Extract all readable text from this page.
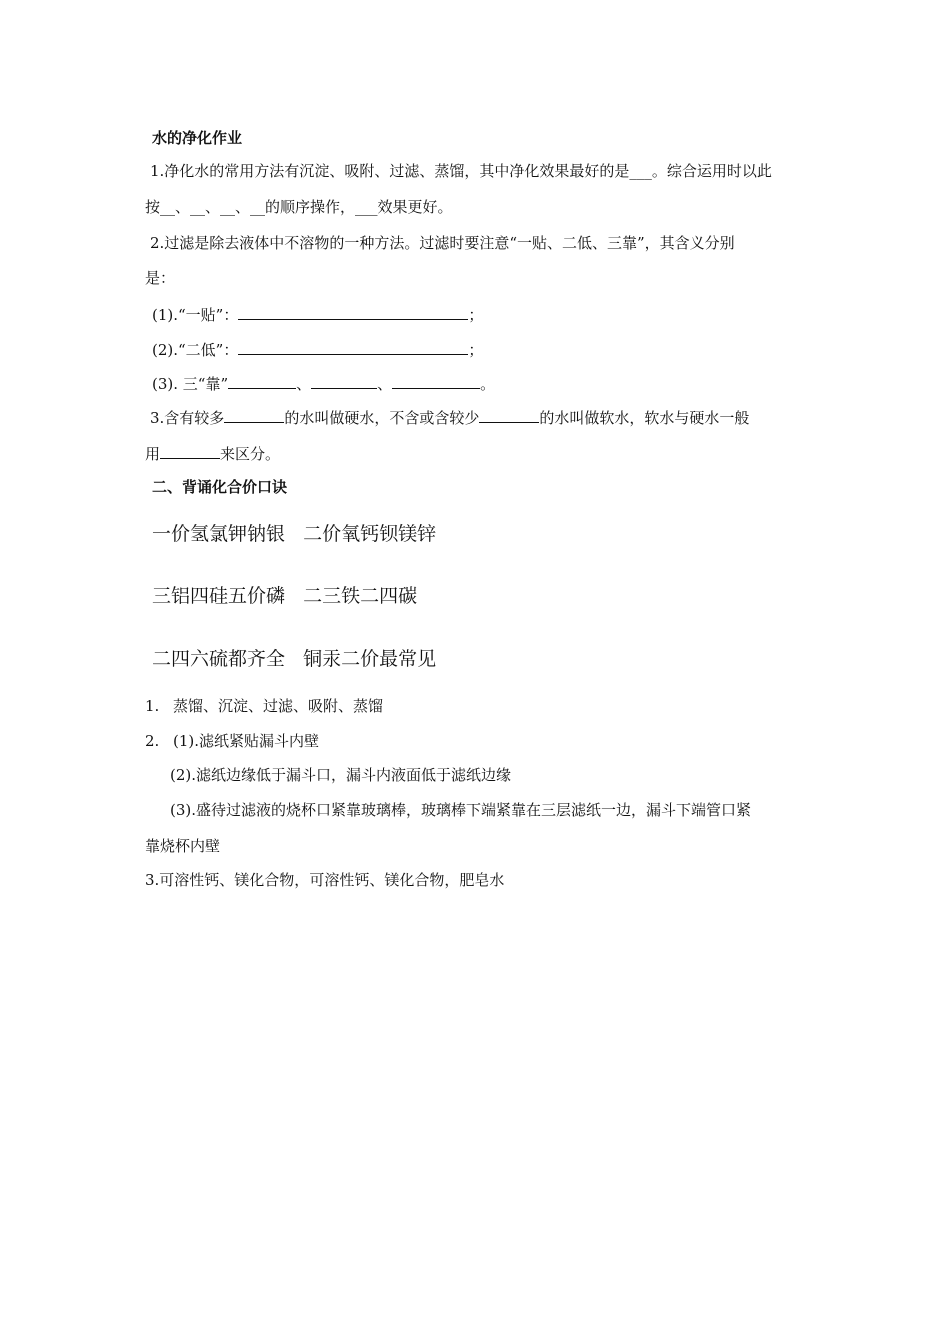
水的净化作业
1.净化水的常用方法有沉淀、吸附、过滤、蒸馏，其中净化效果最好的是___。综合运用时以此
按__、__、__、__的顺序操作，___效果更好。
2.过滤是除去液体中不溶物的一种方法。过滤时要注意“一贴、二低、三靠”，其含义分别
是：
(1).“一贴”：	；
(2).“二低”：	；
(3). 三“靠”	、	、	。
3.含有较多	的水叫做硬水，不含或含较少	的水叫做软水，软水与硬水一般
用	来区分。
二、背诵化合价口诀
一价氢氯钾钠银   二价氧钙钡镁锌
三铝四硅五价磷   二三铁二四碳
二四六硫都齐全   铜汞二价最常见
1. 蒸馏、沉淀、过滤、吸附、蒸馏
2. (1).滤纸紧贴漏斗内壁
(2).滤纸边缘低于漏斗口，漏斗内液面低于滤纸边缘
(3).盛待过滤液的烧杯口紧靠玻璃棒，玻璃棒下端紧靠在三层滤纸一边，漏斗下端管口紧
靠烧杯内壁
3.可溶性钙、镁化合物，可溶性钙、镁化合物，肥皂水
